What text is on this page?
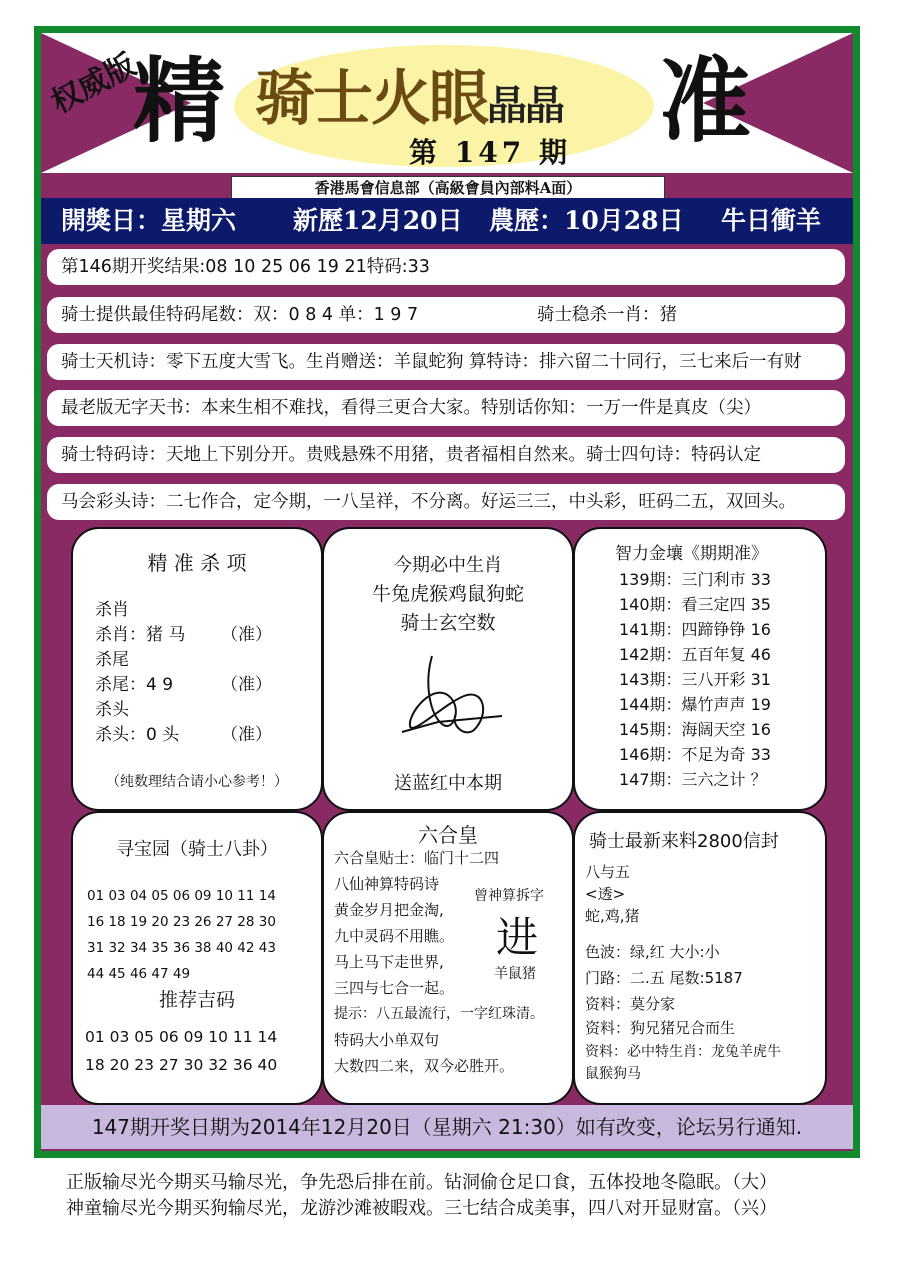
权威版
精	准
骑士火眼晶晶
第 147 期
香港馬會信息部（高級會員內部料A面）
開獎日：星期六 新歷12月20日 農歷：10月28日 牛日衝羊
第146期开奖结果:08 10 25 06 19 21特码:33
骑士提供最佳特码尾数：双：0 8 4 单：1 9 7	骑士稳杀一肖：猪
骑士天机诗：零下五度大雪飞。生肖赠送：羊鼠蛇狗 算特诗：排六留二十同行，三七来后一有财
最老版无字天书：本来生相不难找，看得三更合大家。特别话你知：一万一件是真皮（尖）
骑士特码诗：天地上下别分开。贵贱悬殊不用猪，贵者福相自然来。骑士四句诗：特码认定
马会彩头诗：二七作合，定今期，一八呈祥，不分离。好运三三，中头彩，旺码二五，双回头。
精 准 杀 项
杀肖
杀肖：猪 马 （准）
杀尾
杀尾：4 9	（准）
杀头
杀头：0 头 （准）
（纯数理结合请小心参考！）
今期必中生肖
牛兔虎猴鸡鼠狗蛇
骑士玄空数
送蓝红中本期
智力金壤《期期准》
139期：三门利市 33
140期：看三定四 35
141期：四蹄铮铮 16
142期：五百年复 46
143期：三八开彩 31
144期：爆竹声声 19
145期：海阔天空 16
146期：不足为奇 33
147期：三六之计 ？
寻宝园（骑士八卦）
01 03 04 05 06 09 10 11 14
16 18 19 20 23 26 27 28 30
31 32 34 35 36 38 40 42 43
44 45 46 47 49
推荐吉码
01 03 05 06 09 10 11 14
18 20 23 27 30 32 36 40
六合皇
六合皇贴士：临门十二四
八仙神算特码诗
黄金岁月把金淘,
九中灵码不用瞧。
马上马下走世界,
三四与七合一起。
提示：八五最流行，一字红珠清。
特码大小单双句
大数四二来，双今必胜开。
曾神算拆字
进
羊鼠猪
骑士最新来料2800信封
八与五
<透>
蛇,鸡,猪
色波：绿,红 大小:小
门路：二.五 尾数:5187
资料：莫分家
资料：狗兄猪兄合而生
资料：必中特生肖：龙兔羊虎牛
鼠猴狗马
147期开奖日期为2014年12月20日（星期六 21:30）如有改变，论坛另行通知.
正版输尽光今期买马输尽光，争先恐后排在前。钻洞偷仓足口食，五体投地冬隐眠。（大）
神童输尽光今期买狗输尽光，龙游沙滩被暇戏。三七结合成美事，四八对开显财富。（兴）
